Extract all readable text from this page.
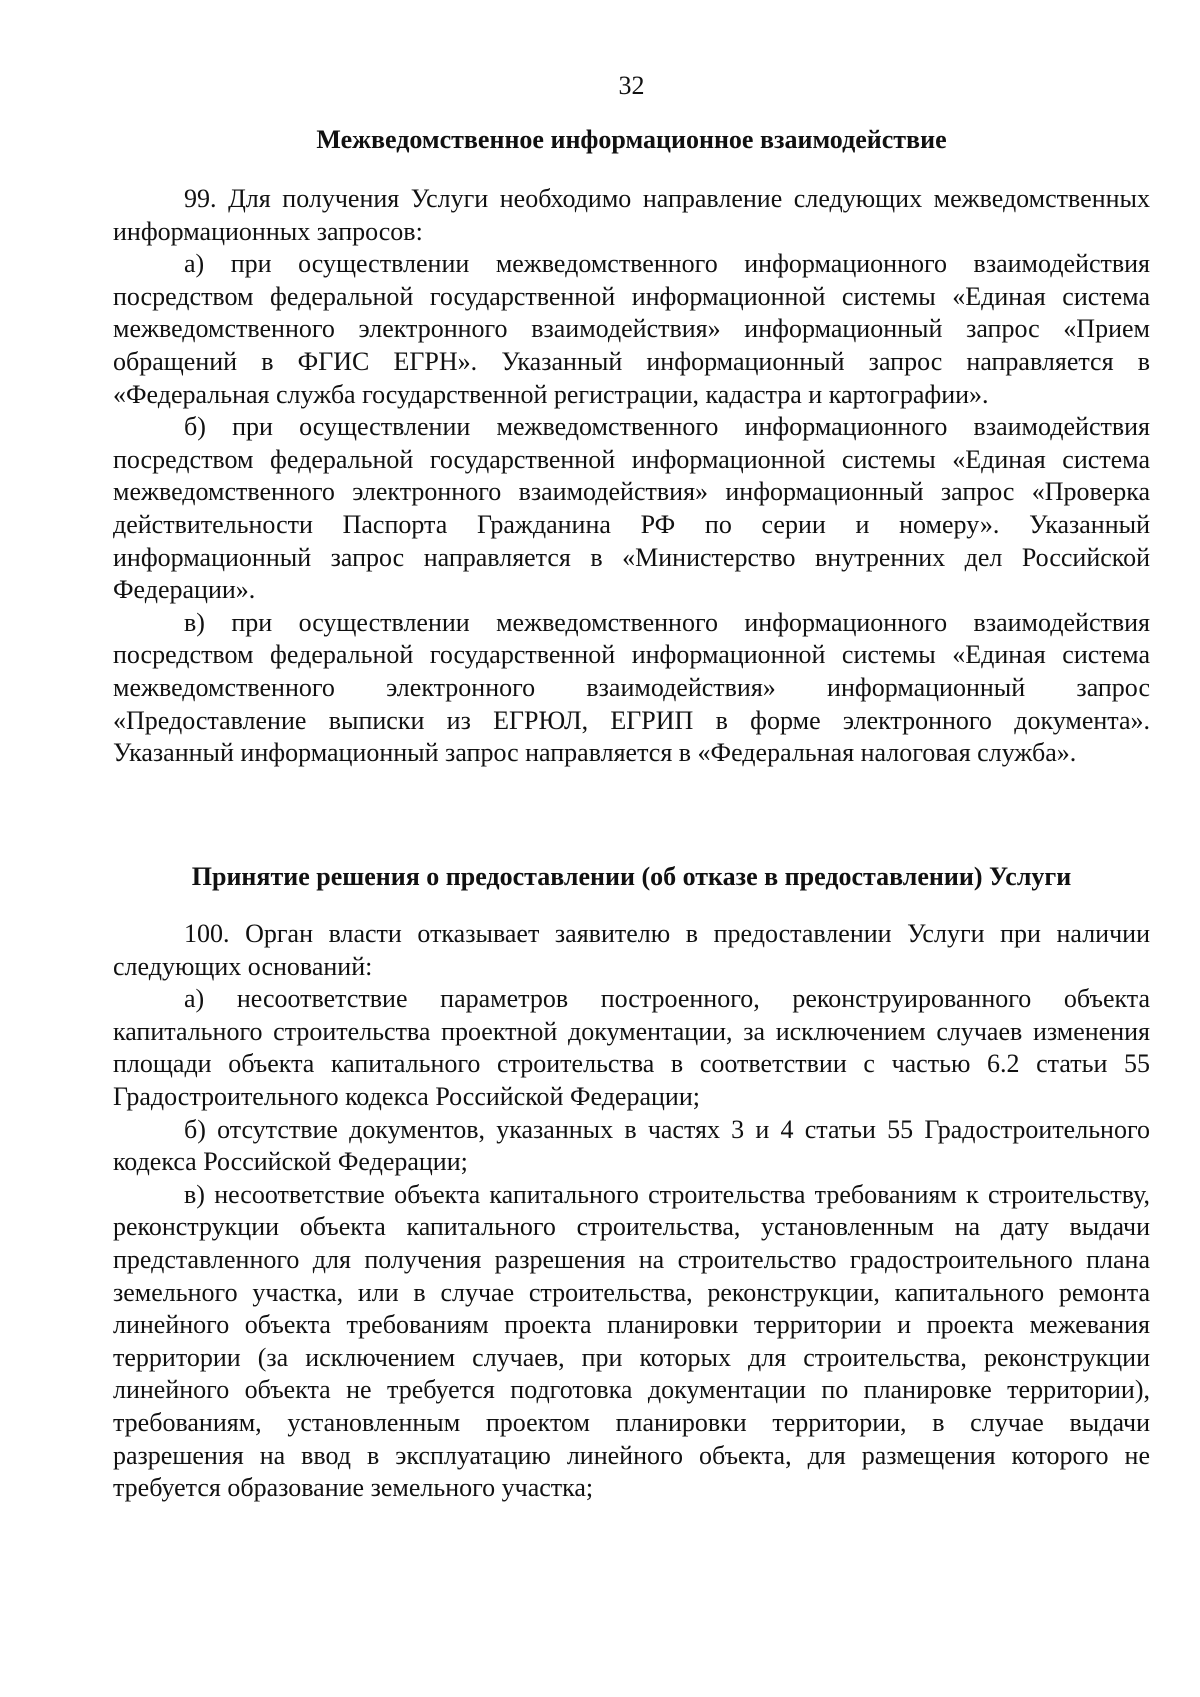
32
Межведомственное информационное взаимодействие

99. Для получения Услуги необходимо направление следующих межведомственных информационных запросов:

а) при осуществлении межведомственного информационного взаимодействия посредством федеральной государственной информационной системы «Единая система межведомственного электронного взаимодействия» информационный запрос «Прием обращений в ФГИС ЕГРН». Указанный информационный запрос направляется в «Федеральная служба государственной регистрации, кадастра и картографии».

б) при осуществлении межведомственного информационного взаимодействия посредством федеральной государственной информационной системы «Единая система межведомственного электронного взаимодействия» информационный запрос «Проверка действительности Паспорта Гражданина РФ по серии и номеру». Указанный информационный запрос направляется в «Министерство внутренних дел Российской Федерации».

в) при осуществлении межведомственного информационного взаимодействия посредством федеральной государственной информационной системы «Единая система межведомственного электронного взаимодействия» информационный запрос «Предоставление выписки из ЕГРЮЛ, ЕГРИП в форме электронного документа». Указанный информационный запрос направляется в «Федеральная налоговая служба».

Принятие решения о предоставлении (об отказе в предоставлении) Услуги

100. Орган власти отказывает заявителю в предоставлении Услуги при наличии следующих оснований:

а) несоответствие параметров построенного, реконструированного объекта капитального строительства проектной документации, за исключением случаев изменения площади объекта капитального строительства в соответствии с частью 6.2 статьи 55 Градостроительного кодекса Российской Федерации;

б) отсутствие документов, указанных в частях 3 и 4 статьи 55 Градостроительного кодекса Российской Федерации;

в) несоответствие объекта капитального строительства требованиям к строительству, реконструкции объекта капитального строительства, установленным на дату выдачи представленного для получения разрешения на строительство градостроительного плана земельного участка, или в случае строительства, реконструкции, капитального ремонта линейного объекта требованиям проекта планировки территории и проекта межевания территории (за исключением случаев, при которых для строительства, реконструкции линейного объекта не требуется подготовка документации по планировке территории), требованиям, установленным проектом планировки территории, в случае выдачи разрешения на ввод в эксплуатацию линейного объекта, для размещения которого не требуется образование земельного участка;
